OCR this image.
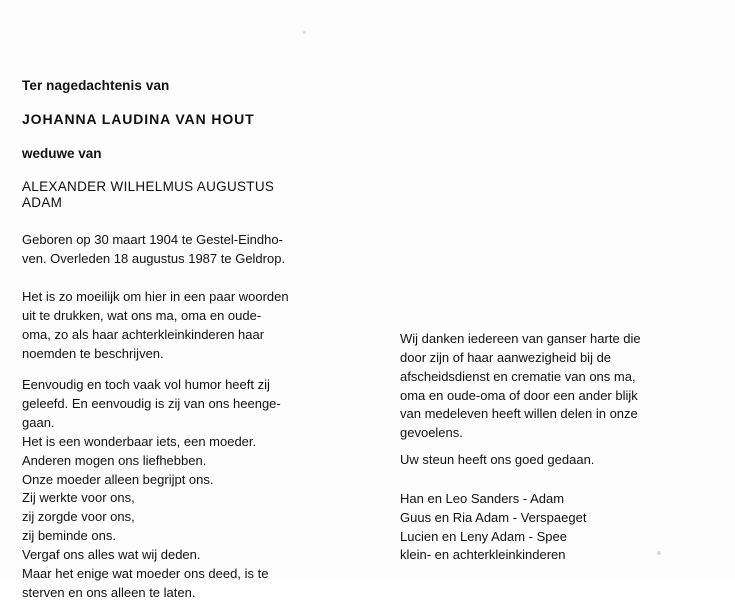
Ter nagedachtenis van

JOHANNA LAUDINA VAN HOUT

weduwe van

ALEXANDER WILHELMUS AUGUSTUS
ADAM

Geboren op 30 maart 1904 te Gestel-Eindho-
ven. Overleden 18 augustus 1987 te Geldrop.

Het is zo moeilijk om hier in een paar woorden
uit te drukken, wat ons ma, oma en oude-
oma, zo als haar achterkleinkinderen haar
noemden te beschrijven.

Eenvoudig en toch vaak vol humor heeft zij
geleefd. En eenvoudig is zij van ons heenge-
gaan.
Het is een wonderbaar iets, een moeder.
Anderen mogen ons liefhebben.
Onze moeder alleen begrijpt ons.
Zij werkte voor ons,
zij zorgde voor ons,
zij beminde ons.
Vergaf ons alles wat wij deden.
Maar het enige wat moeder ons deed, is te
sterven en ons alleen te laten.

Wij danken iedereen van ganser harte die
door zijn of haar aanwezigheid bij de
afscheidsdienst en crematie van ons ma,
oma en oude-oma of door een ander blijk
van medeleven heeft willen delen in onze
gevoelens.

Uw steun heeft ons goed gedaan.

Han en Leo Sanders - Adam
Guus en Ria Adam - Verspaeget
Lucien en Leny Adam - Spee
klein- en achterkleinkinderen
